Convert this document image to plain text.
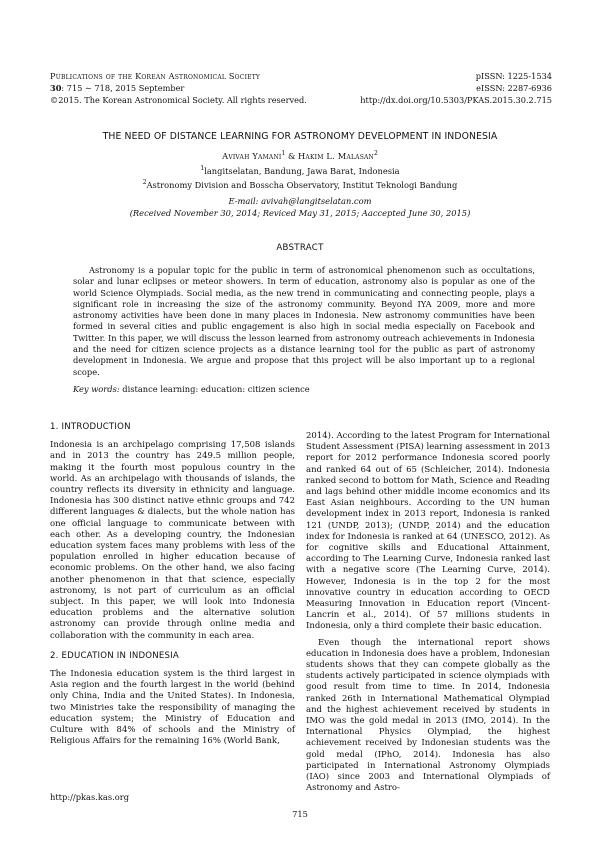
Publications of the Korean Astronomical Society
30: 715 ∼ 718, 2015 September
©2015. The Korean Astronomical Society. All rights reserved.
pISSN: 1225-1534
eISSN: 2287-6936
http://dx.doi.org/10.5303/PKAS.2015.30.2.715
THE NEED OF DISTANCE LEARNING FOR ASTRONOMY DEVELOPMENT IN INDONESIA
Avivah Yamani$^1$ & Hakim L. Malasan$^2$
$^1$langitselatan, Bandung, Jawa Barat, Indonesia
$^2$Astronomy Division and Bosscha Observatory, Institut Teknologi Bandung
E-mail: avivah@langitselatan.com
(Received November 30, 2014; Reviced May 31, 2015; Aaccepted June 30, 2015)
ABSTRACT
Astronomy is a popular topic for the public in term of astronomical phenomenon such as occultations, solar and lunar eclipses or meteor showers. In term of education, astronomy also is popular as one of the world Science Olympiads. Social media, as the new trend in communicating and connecting people, plays a significant role in increasing the size of the astronomy community. Beyond IYA 2009, more and more astronomy activities have been done in many places in Indonesia. New astronomy communities have been formed in several cities and public engagement is also high in social media especially on Facebook and Twitter. In this paper, we will discuss the lesson learned from astronomy outreach achievements in Indonesia and the need for citizen science projects as a distance learning tool for the public as part of astronomy development in Indonesia. We argue and propose that this project will be also important up to a regional scope.
Key words: distance learning: education: citizen science
1. INTRODUCTION

Indonesia is an archipelago comprising 17,508 islands and in 2013 the country has 249.5 million people, making it the fourth most populous country in the world. As an archipelago with thousands of islands, the country reflects its diversity in ethnicity and language. Indonesia has 300 distinct native ethnic groups and 742 different languages & dialects, but the whole nation has one official language to communicate between with each other. As a developing country, the Indonesian education system faces many problems with less of the population enrolled in higher education because of economic problems. On the other hand, we also facing another phenomenon in that that science, especially astronomy, is not part of curriculum as an official subject. In this paper, we will look into Indonesia education problems and the alternative solution astronomy can provide through online media and collaboration with the community in each area.

2. EDUCATION IN INDONESIA

The Indonesia education system is the third largest in Asia region and the fourth largest in the world (behind only China, India and the United States). In Indonesia, two Ministries take the responsibility of managing the education system; the Ministry of Education and Culture with 84% of schools and the Ministry of Religious Affairs for the remaining 16% (World Bank,

2014). According to the latest Program for International Student Assessment (PISA) learning assessment in 2013 report for 2012 performance Indonesia scored poorly and ranked 64 out of 65 (Schleicher, 2014). Indonesia ranked second to bottom for Math, Science and Reading and lags behind other middle income economics and its East Asian neighbours. According to the UN human development index in 2013 report, Indonesia is ranked 121 (UNDP, 2013); (UNDP, 2014) and the education index for Indonesia is ranked at 64 (UNESCO, 2012). As for cognitive skills and Educational Attainment, according to The Learning Curve, Indonesia ranked last with a negative score (The Learning Curve, 2014). However, Indonesia is in the top 2 for the most innovative country in education according to OECD Measuring Innovation in Education report (Vincent-Lancrin et al., 2014). Of 57 millions students in Indonesia, only a third complete their basic education.

Even though the international report shows education in Indonesia does have a problem, Indonesian students shows that they can compete globally as the students actively participated in science olympiads with good result from time to time. In 2014, Indonesia ranked 26th in International Mathematical Olympiad and the highest achievement received by students in IMO was the gold medal in 2013 (IMO, 2014). In the International Physics Olympiad, the highest achievement received by Indonesian students was the gold medal (IPhO, 2014). Indonesia has also participated in International Astronomy Olympiads (IAO) since 2003 and International Olympiads of Astronomy and Astro-

http://pkas.kas.org
715
